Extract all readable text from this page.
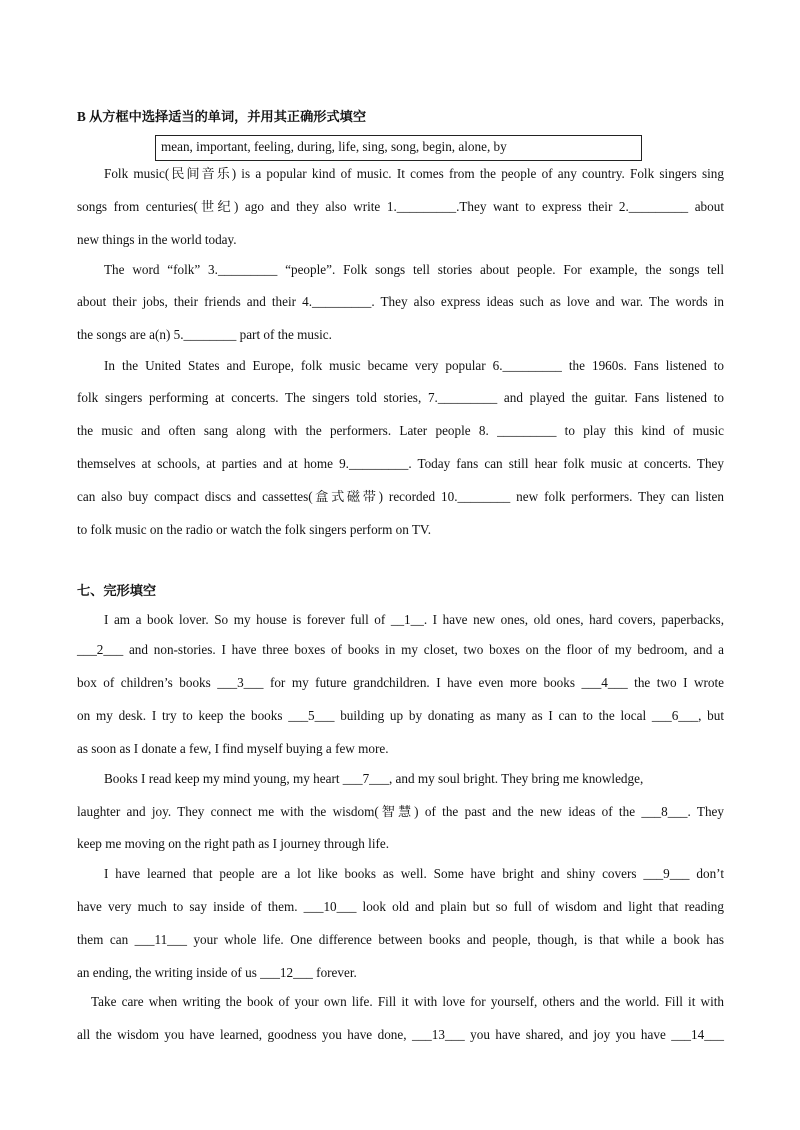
B 从方框中选择适当的单词，并用其正确形式填空
mean, important, feeling, during, life, sing, song, begin, alone, by
Folk music(民间音乐) is a popular kind of music. It comes from the people of any country. Folk singers sing
songs from centuries(世纪) ago and they also write 1._________.They want to express their 2._________ about
new things in the world today.
The word “folk” 3._________ “people”. Folk songs tell stories about people. For example, the songs tell
about their jobs, their friends and their 4._________. They also express ideas such as love and war. The words in
the songs are a(n) 5.________ part of the music.
In the United States and Europe, folk music became very popular 6._________ the 1960s. Fans listened to
folk singers performing at concerts. The singers told stories, 7._________ and played the guitar. Fans listened to
the music and often sang along with the performers. Later people 8. _________ to play this kind of music
themselves at schools, at parties and at home 9._________. Today fans can still hear folk music at concerts. They
can also buy compact discs and cassettes(盒式磁带) recorded 10.________ new folk performers. They can listen
to folk music on the radio or watch the folk singers perform on TV.
七、完形填空
I am a book lover. So my house is forever full of __1__. I have new ones, old ones, hard covers, paperbacks,
___2___ and non-stories. I have three boxes of books in my closet, two boxes on the floor of my bedroom, and a
box of children’s books ___3___ for my future grandchildren. I have even more books ___4___ the two I wrote
on my desk. I try to keep the books ___5___ building up by donating as many as I can to the local ___6___, but
as soon as I donate a few, I find myself buying a few more.
Books I read keep my mind young, my heart ___7___, and my soul bright. They bring me knowledge,
laughter and joy. They connect me with the wisdom(智慧) of the past and the new ideas of the ___8___. They
keep me moving on the right path as I journey through life.
I have learned that people are a lot like books as well. Some have bright and shiny covers ___9___ don’t
have very much to say inside of them. ___10___ look old and plain but so full of wisdom and light that reading
them can ___11___ your whole life. One difference between books and people, though, is that while a book has
an ending, the writing inside of us ___12___ forever.
Take care when writing the book of your own life. Fill it with love for yourself, others and the world. Fill it with
all the wisdom you have learned, goodness you have done, ___13___ you have shared, and joy you have ___14___
